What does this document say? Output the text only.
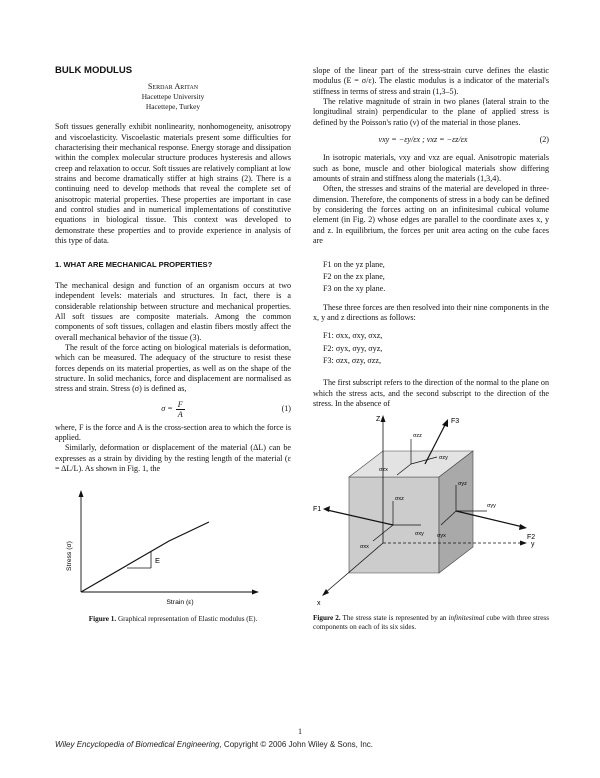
BULK MODULUS
Serdar Aritan
Hacettepe University
Hacettepe, Turkey

Soft tissues generally exhibit nonlinearity, nonhomogeneity, anisotropy and viscoelasticity. Viscoelastic materials present some difficulties for characterising their mechanical response. Energy storage and dissipation within the complex molecular structure produces hysteresis and allows creep and relaxation to occur. Soft tissues are relatively compliant at low strains and become dramatically stiffer at high strains (2). There is a continuing need to develop methods that reveal the complete set of anisotropic material properties. These properties are important in case and control studies and in numerical implementations of constitutive equations in biological tissue. This context was developed to demonstrate these properties and to provide experience in analysis of this type of data.

1. WHAT ARE MECHANICAL PROPERTIES?

The mechanical design and function of an organism occurs at two independent levels: materials and structures. In fact, there is a considerable relationship between structure and mechanical properties. All soft tissues are composite materials. Among the common components of soft tissues, collagen and elastin fibers mostly affect the overall mechanical behavior of the tissue (3).

The result of the force acting on biological materials is deformation, which can be measured. The adequacy of the structure to resist these forces depends on its material properties, as well as on the shape of the structure. In solid mechanics, force and displacement are normalised as stress and strain. Stress (σ) is defined as,

$\sigma = \frac{F}{A}$	(1)

where, F is the force and A is the cross-section area to which the force is applied.

Similarly, deformation or displacement of the material (ΔL) can be expresses as a strain by dividing by the resting length of the material (ε = ΔL/L). As shown in Fig. 1, the

E
Stress (σ)
Strain (ε)
Figure 1. Graphical representation of Elastic modulus (E).

slope of the linear part of the stress-strain curve defines the elastic modulus (E = σ/ε). The elastic modulus is a indicator of the material's stiffness in terms of stress and strain (1,3–5).

The relative magnitude of strain in two planes (lateral strain to the longitudinal strain) perpendicular to the plane of applied stress is defined by the Poisson's ratio (ν) of the material in those planes.

νxy = −εy/εx ; νxz = −εz/εx	(2)

In isotropic materials, νxy and νxz are equal. Anisotropic materials such as bone, muscle and other biological materials show differing amounts of strain and stiffness along the materials (1,3,4).

Often, the stresses and strains of the material are developed in three-dimension. Therefore, the components of stress in a body can be defined by considering the forces acting on an infinitesimal cubical volume element (in Fig. 2) whose edges are parallel to the coordinate axes x, y and z. In equilibrium, the forces per unit area acting on the cube faces are

F1 on the yz plane,

F2 on the zx plane,

F3 on the xy plane.

These three forces are then resolved into their nine components in the x, y and z directions as follows:

F1: σxx, σxy, σxz,

F2: σyx, σyy, σyz,

F3: σzx, σzy, σzz,

The first subscript refers to the direction of the normal to the plane on which the stress acts, and the second subscript to the direction of the stress. In the absence of

Z
y
x
F3
F1
F2
σzz
σzy
σzx
σxz
σxy
σxx
σyz
σyy
σyx
Figure 2. The stress state is represented by an infinitesimal cube with three stress components on each of its six sides.
1
Wiley Encyclopedia of Biomedical Engineering, Copyright © 2006 John Wiley & Sons, Inc.
